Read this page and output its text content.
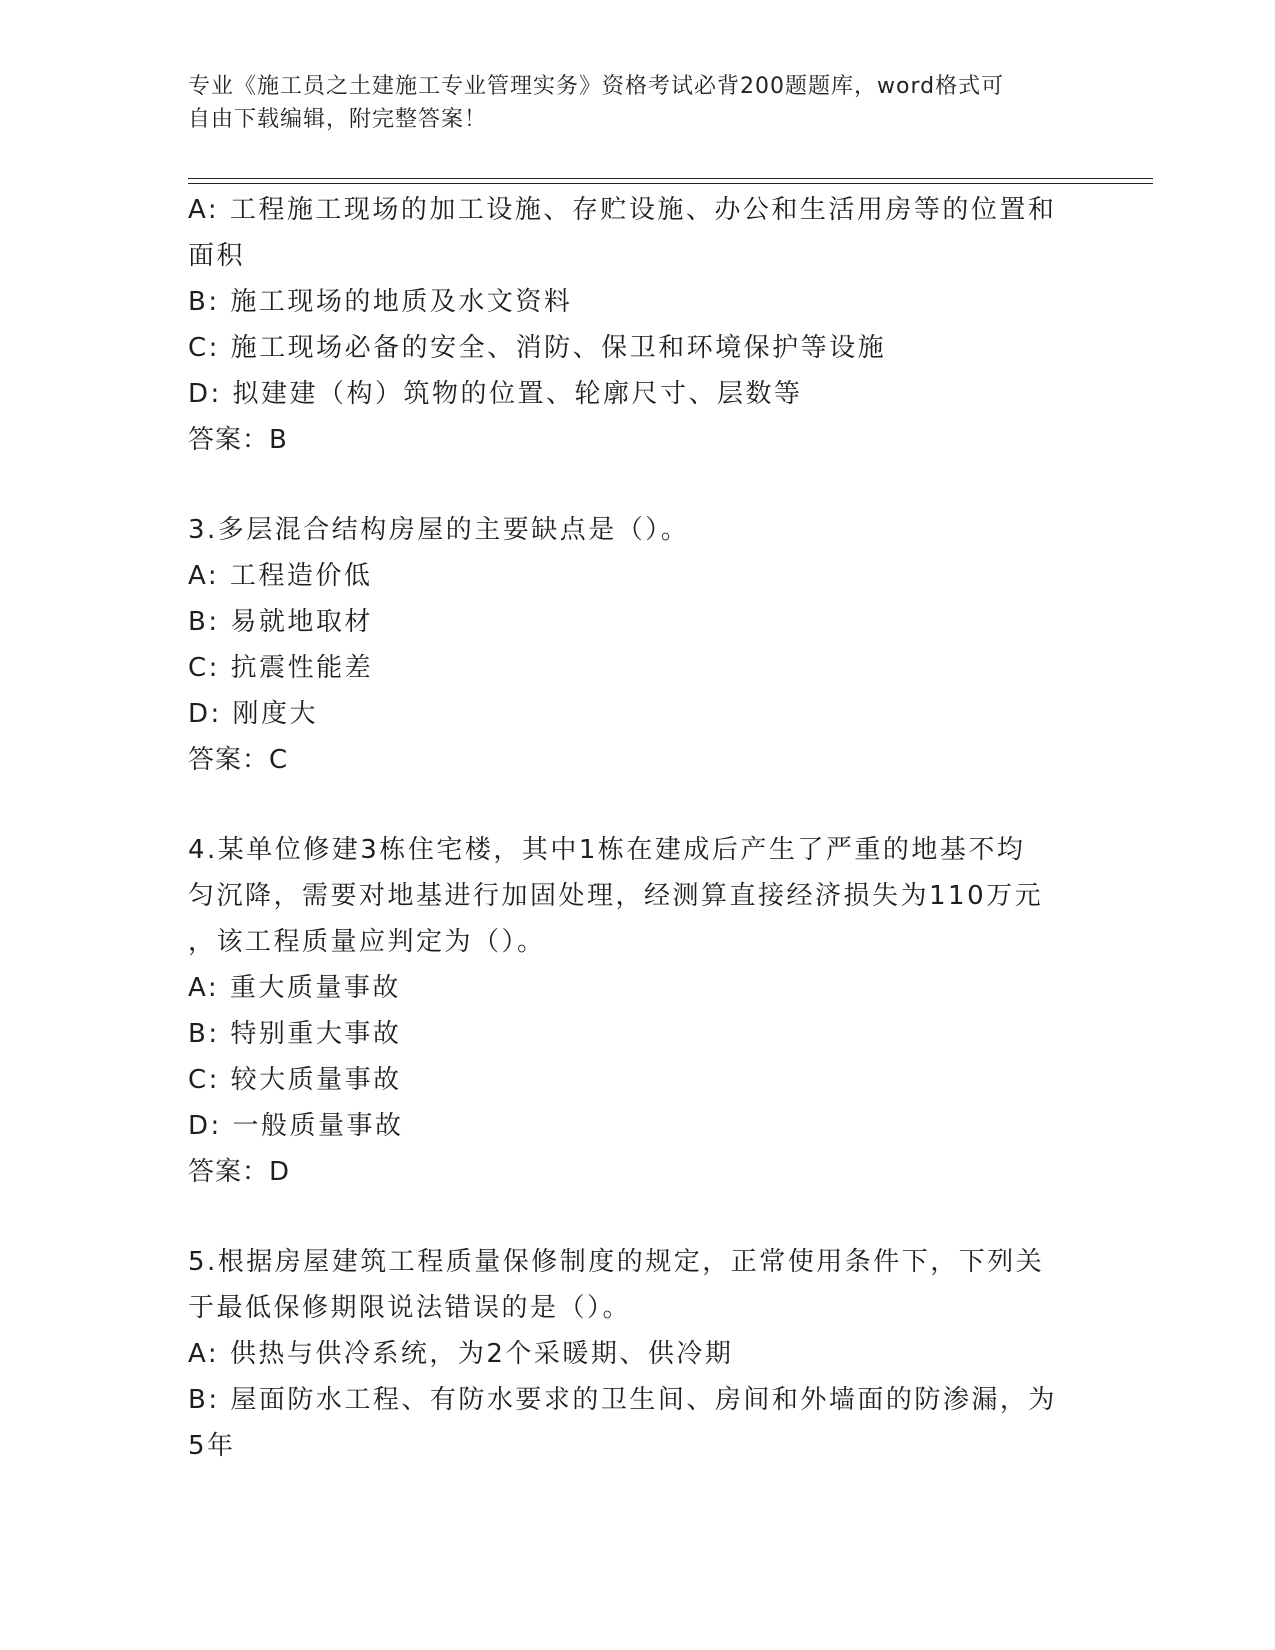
专业《施工员之土建施工专业管理实务》资格考试必背200题题库，word格式可
自由下载编辑，附完整答案！
A: 工程施工现场的加工设施、存贮设施、办公和生活用房等的位置和
面积
B: 施工现场的地质及水文资料
C: 施工现场必备的安全、消防、保卫和环境保护等设施
D: 拟建建（构）筑物的位置、轮廓尺寸、层数等
答案：B
3.多层混合结构房屋的主要缺点是（）。
A: 工程造价低
B: 易就地取材
C: 抗震性能差
D: 刚度大
答案：C
4.某单位修建3栋住宅楼，其中1栋在建成后产生了严重的地基不均
匀沉降，需要对地基进行加固处理，经测算直接经济损失为110万元
，该工程质量应判定为（）。
A: 重大质量事故
B: 特别重大事故
C: 较大质量事故
D: 一般质量事故
答案：D
5.根据房屋建筑工程质量保修制度的规定，正常使用条件下，下列关
于最低保修期限说法错误的是（）。
A: 供热与供冷系统，为2个采暖期、供冷期
B: 屋面防水工程、有防水要求的卫生间、房间和外墙面的防渗漏，为
5年
